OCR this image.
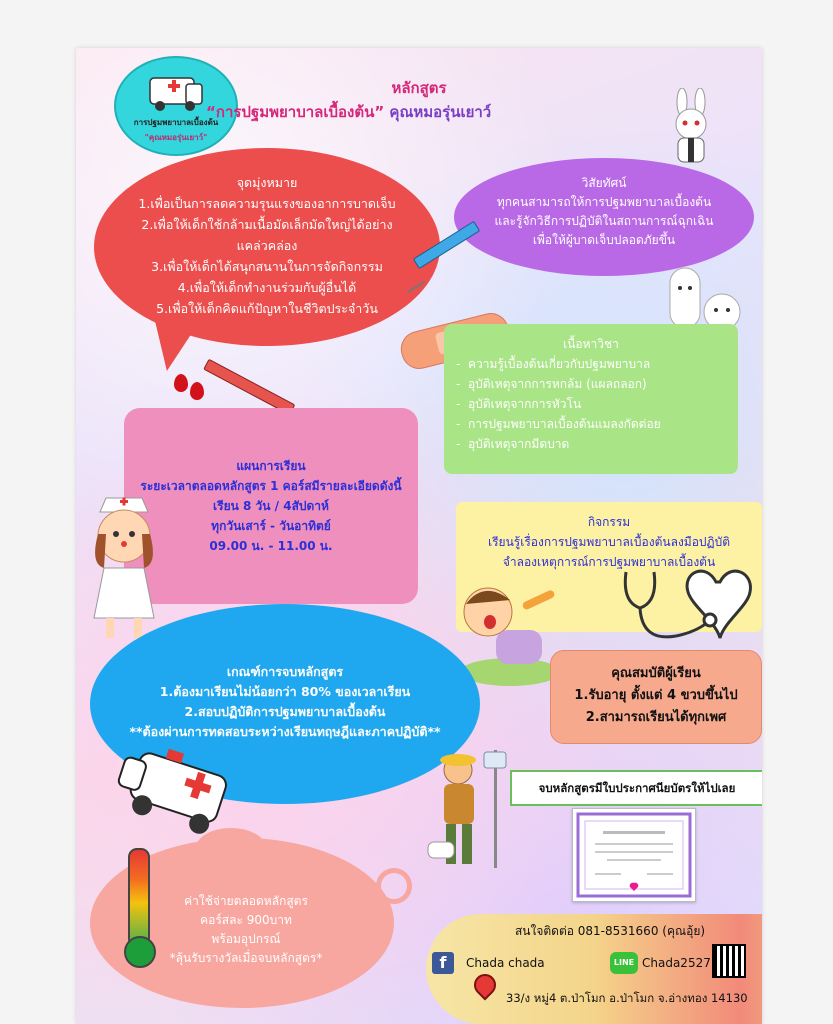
การปฐมพยาบาลเบื้องต้น
"คุณหมอรุ่นเยาว์"
หลักสูตร
“การปฐมพยาบาลเบื้องต้น” คุณหมอรุ่นเยาว์
จุดมุ่งหมาย
1.เพื่อเป็นการลดความรุนแรงของอาการบาดเจ็บ
2.เพื่อให้เด็กใช้กล้ามเนื้อมัดเล็กมัดใหญ่ได้อย่าง
แคล่วคล่อง
3.เพื่อให้เด็กได้สนุกสนานในการจัดกิจกรรม
4.เพื่อให้เด็กทำงานร่วมกับผู้อื่นได้
5.เพื่อให้เด็กคิดแก้ปัญหาในชีวิตประจำวัน
วิสัยทัศน์
ทุกคนสามารถให้การปฐมพยาบาลเบื้องต้น
และรู้จักวิธีการปฏิบัติในสถานการณ์ฉุกเฉิน
เพื่อให้ผู้บาดเจ็บปลอดภัยขึ้น
เนื้อหาวิชา
-  ความรู้เบื้องต้นเกี่ยวกับปฐมพยาบาล
-  อุบัติเหตุจากการหกล้ม (แผลถลอก)
-  อุบัติเหตุจากการหัวโน
-  การปฐมพยาบาลเบื้องต้นแมลงกัดต่อย
-  อุบัติเหตุจากมีดบาด
แผนการเรียน
ระยะเวลาตลอดหลักสูตร 1 คอร์สมีรายละเอียดดังนี้
เรียน 8 วัน / 4สัปดาห์
ทุกวันเสาร์ - วันอาทิตย์
09.00 น. - 11.00 น.
กิจกรรม
เรียนรู้เรื่องการปฐมพยาบาลเบื้องต้นลงมือปฏิบัติ
จำลองเหตุการณ์การปฐมพยาบาลเบื้องต้น
เกณฑ์การจบหลักสูตร
1.ต้องมาเรียนไม่น้อยกว่า 80% ของเวลาเรียน
2.สอบปฏิบัติการปฐมพยาบาลเบื้องต้น
**ต้องผ่านการทดสอบระหว่างเรียนทฤษฎีและภาคปฏิบัติ**
คุณสมบัติผู้เรียน
1.รับอายุ ตั้งแต่ 4 ขวบขึ้นไป
2.สามารถเรียนได้ทุกเพศ
จบหลักสูตรมีใบประกาศนียบัตรให้ไปเลย
ค่าใช้จ่ายตลอดหลักสูตร
คอร์สละ 900บาท
พร้อมอุปกรณ์
*ลุ้นรับรางวัลเมื่อจบหลักสูตร*
สนใจติดต่อ 081-8531660 (คุณอุ้ย)
f	Chada chada	LINE Chada2527
33/ง หมู่4 ต.ป่าโมก อ.ป่าโมก จ.อ่างทอง 14130
